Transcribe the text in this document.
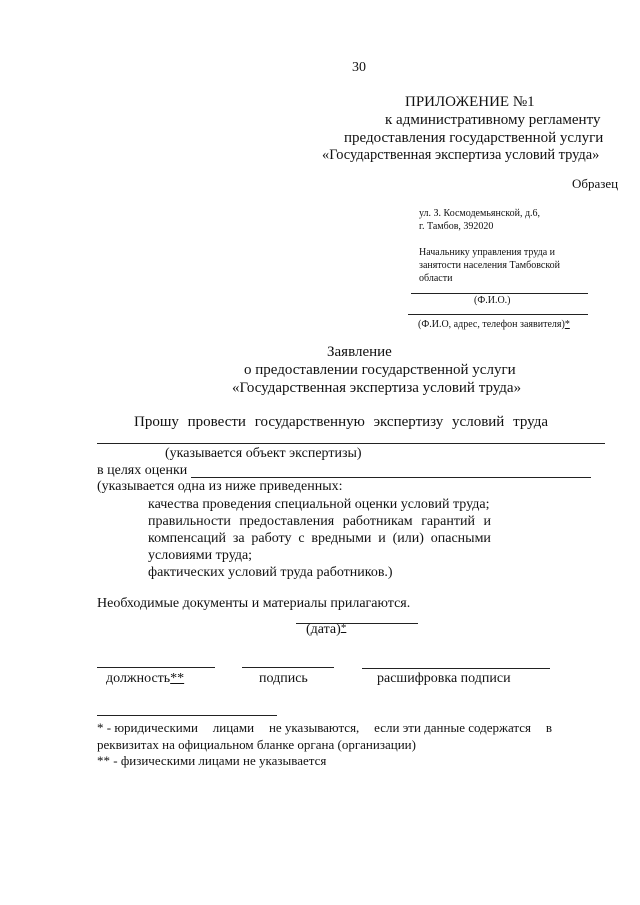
30
ПРИЛОЖЕНИЕ №1
к административному регламенту
предоставления государственной услуги
«Государственная экспертиза условий труда»
Образец
ул. З. Космодемьянской, д.6,
г. Тамбов, 392020
Начальнику управления труда и
занятости населения Тамбовской
области
(Ф.И.О.)
(Ф.И.О, адрес, телефон заявителя)*
Заявление
о предоставлении государственной услуги
«Государственная экспертиза условий труда»
Прошу провести государственную экспертизу условий труда
(указывается объект экспертизы)
в целях оценки
(указывается одна из ниже приведенных:
качества проведения специальной оценки условий труда;
правильности предоставления работникам гарантий и
компенсаций за работу с вредными и (или) опасными
условиями труда;
фактических условий труда работников.)
Необходимые документы и материалы прилагаются.
(дата)*
должность**	подпись	расшифровка подписи
* - юридическими лицами не указываются, если эти данные содержатся в
реквизитах на официальном бланке органа (организации)
** - физическими лицами не указывается
